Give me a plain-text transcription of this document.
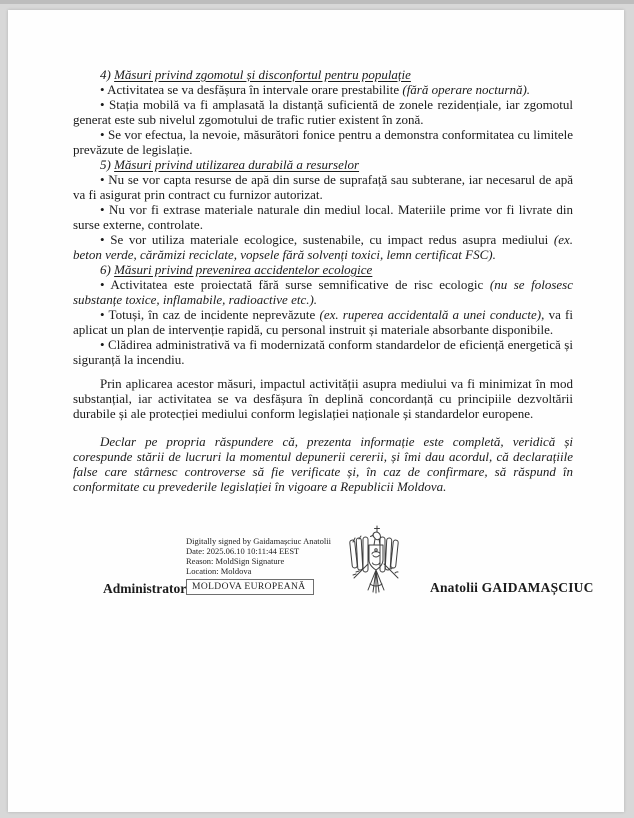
4) Măsuri privind zgomotul și disconfortul pentru populație

• Activitatea se va desfășura în intervale orare prestabilite (fără operare nocturnă).

• Stația mobilă va fi amplasată la distanță suficientă de zonele rezidențiale, iar zgomotul generat este sub nivelul zgomotului de trafic rutier existent în zonă.

• Se vor efectua, la nevoie, măsurători fonice pentru a demonstra conformitatea cu limitele prevăzute de legislație.

5) Măsuri privind utilizarea durabilă a resurselor

• Nu se vor capta resurse de apă din surse de suprafață sau subterane, iar necesarul de apă va fi asigurat prin contract cu furnizor autorizat.

• Nu vor fi extrase materiale naturale din mediul local. Materiile prime vor fi livrate din surse externe, controlate.

• Se vor utiliza materiale ecologice, sustenabile, cu impact redus asupra mediului (ex. beton verde, cărămizi reciclate, vopsele fără solvenți toxici, lemn certificat FSC).

6) Măsuri privind prevenirea accidentelor ecologice

• Activitatea este proiectată fără surse semnificative de risc ecologic (nu se folosesc substanțe toxice, inflamabile, radioactive etc.).

• Totuși, în caz de incidente neprevăzute (ex. ruperea accidentală a unei conducte), va fi aplicat un plan de intervenție rapidă, cu personal instruit și materiale absorbante disponibile.

• Clădirea administrativă va fi modernizată conform standardelor de eficiență energetică și siguranță la incendiu.

Prin aplicarea acestor măsuri, impactul activității asupra mediului va fi minimizat în mod substanțial, iar activitatea se va desfășura în deplină concordanță cu principiile dezvoltării durabile și ale protecției mediului conform legislației naționale și standardelor europene.

Declar pe propria răspundere că, prezenta informație este completă, veridică și corespunde stării de lucruri la momentul depunerii cererii, și îmi dau acordul, că declarațiile false care stârnesc controverse să fie verificate și, în caz de confirmare, să răspund în conformitate cu prevederile legislației în vigoare a Republicii Moldova.

Digitally signed by Gaidamașciuc Anatolii
Date: 2025.06.10 10:11:44 EEST
Reason: MoldSign Signature
Location: Moldova
MOLDOVA EUROPEANĂ
Administrator	Anatolii GAIDAMAȘCIUC
